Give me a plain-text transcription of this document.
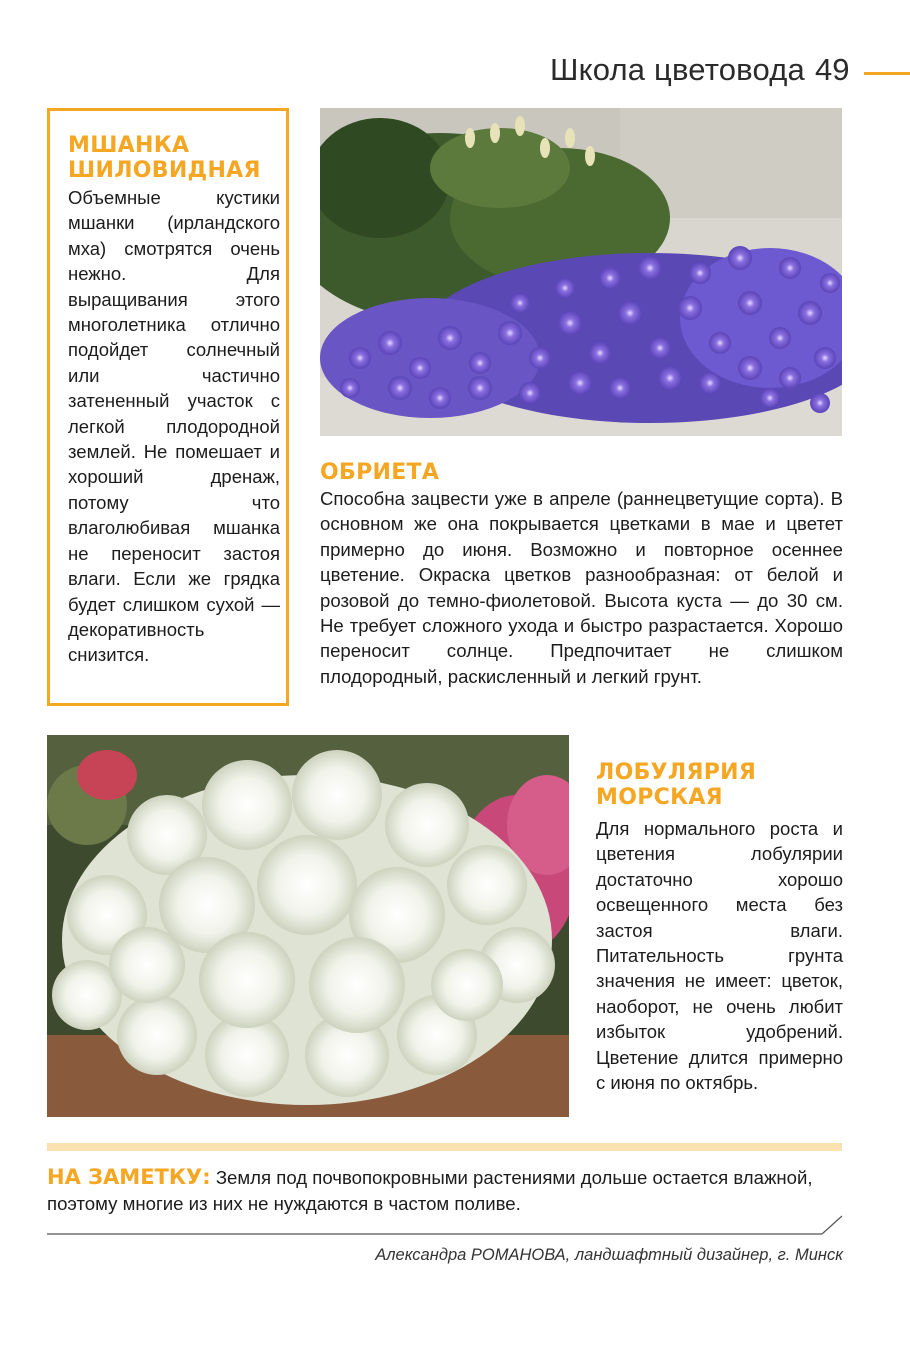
Школа цветовода 49
МШАНКА ШИЛОВИДНАЯ

Объемные кустики мшанки (ирландского мха) смотрятся очень нежно. Для выращивания этого многолетника отлично подойдет солнечный или частично затененный участок с легкой плодородной землей. Не помешает и хороший дренаж, потому что влаголюбивая мшанка не переносит застоя влаги. Если же грядка будет слишком сухой — декоративность снизится.

ОБРИЕТА

Способна зацвести уже в апреле (раннецветущие сорта). В основном же она покрывается цветками в мае и цветет примерно до июня. Возможно и повторное осеннее цветение. Окраска цветков разнообразная: от белой и розовой до темно-фиолетовой. Высота куста — до 30 см. Не требует сложного ухода и быстро разрастается. Хорошо переносит солнце. Предпочитает не слишком плодородный, раскисленный и легкий грунт.

ЛОБУЛЯРИЯ МОРСКАЯ

Для нормального роста и цветения лобулярии достаточно хорошо освещенного места без застоя влаги. Питательность грунта значения не имеет: цветок, наоборот, не очень любит избыток удобрений. Цветение длится примерно с июня по октябрь.

НА ЗАМЕТКУ: Земля под почвопокровными растениями дольше остается влажной, поэтому многие из них не нуждаются в частом поливе.
Александра РОМАНОВА, ландшафтный дизайнер, г. Минск
